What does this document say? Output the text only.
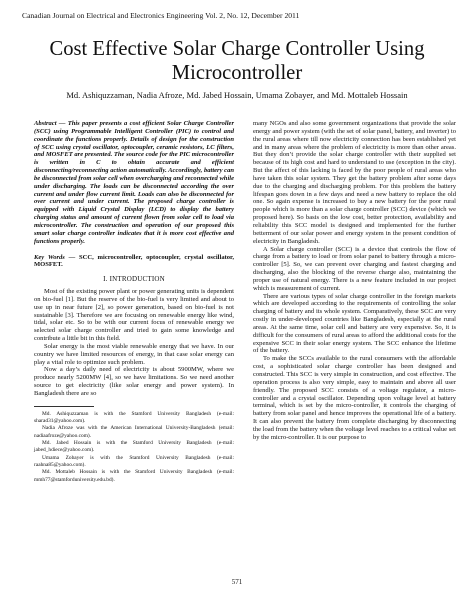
Canadian Journal on Electrical and Electronics Engineering Vol. 2, No. 12, December 2011
Cost Effective Solar Charge Controller Using
Microcontroller
Md. Ashiquzzaman, Nadia Afroze, Md. Jabed Hossain, Umama Zobayer, and Md. Mottaleb Hossain

Abstract — This paper presents a cost efficient Solar Charge Controller (SCC) using Programmable Intelligent Controller (PIC) to control and coordinate the functions properly. Details of design for the construction of SCC using crystal oscillator, optocoupler, ceramic resistors, LC filters, and MOSFET are presented. The source code for the PIC microcontroller is written in C to obtain accurate and efficient disconnecting/reconnecting action automatically. Accordingly, battery can be disconnected from solar cell when overcharging and reconnected while under discharging. The loads can be disconnected according the over current and under flow current limit. Loads can also be disconnected for over current and under current. The proposed charge controller is equipped with Liquid Crystal Display (LCD) to display the battery charging status and amount of current flown from solar cell to load via microcontroller. The construction and operation of our proposed this smart solar charge controller indicates that it is more cost effective and functions properly.

Key Words — SCC, microcontroller, optocoupler, crystal oscillator, MOSFET.

I. INTRODUCTION

Most of the existing power plant or power generating units is dependent on bio-fuel [1]. But the reserve of the bio-fuel is very limited and about to use up in near future [2], so power generation, based on bio-fuel is not sustainable [3]. Therefore we are focusing on renewable energy like wind, tidal, solar etc. So to be with our current focus of renewable energy we selected solar charge controller and tried to gain some knowledge and contribute a little bit in this field.

Solar energy is the most viable renewable energy that we have. In our country we have limited resources of energy, in that case solar energy can play a vital role to optimize such problem.

Now a day’s daily need of electricity is about 5900MW, where we produce nearly 5200MW [4], so we have limitations. So we need another source to get electricity (like solar energy and power system). In Bangladesh there are so

Md. Ashiquzzaman is with the Stamford University Bangladesh (e-mail: sharad31@yahoo.com).

Nadia Afroze was with the American International University-Bangladesh (email: nadiaafroze@yahoo.com).

Md. Jabed Hossain is with the Stamford University Bangladesh (e-mail: jabed_hdiece@yahoo.com).

Umama Zobayer is with the Stamford University Bangladesh (e-mail: raahna85@yahoo.com).

Md. Mottaleb Hossain is with the Stamford University Bangladesh (e-mail: mmh77@stamforduniversity.edu.bd).

many NGOs and also some government organizations that provide the solar energy and power system (with the set of solar panel, battery, and inverter) to the rural areas where till now electricity connection has been established yet and in many areas where the problem of electricity is more than other areas. But they don’t provide the solar charge controller with their supplied set because of its high cost and hard to understand to use (exception in the city). But the affect of this lacking is faced by the poor people of rural areas who have taken this solar system. They get the battery problem after some days due to the charging and discharging problem. For this problem the battery lifespan goes down in a few days and need a new battery to replace the old one. So again expense is increased to buy a new battery for the poor rural people which is more than a solar charge controller (SCC) device (which we proposed here). So basis on the low cost, better protection, availability and reliability this SCC model is designed and implemented for the further betterment of our solar power and energy system in the present condition of electricity in Bangladesh.

A Solar charge controller (SCC) is a device that controls the flow of charge from a battery to load or from solar panel to battery through a micro-controller [5]. So, we can prevent over charging and fastest charging and discharging, also the blocking of the reverse charge also, maintaining the proper use of natural energy. There is a new feature included in our project which is measurement of current.

There are various types of solar charge controller in the foreign markets which are developed according to the requirements of controlling the solar charging of battery and its whole system. Comparatively, these SCC are very costly in under-developed countries like Bangladesh, especially at the rural areas. At the same time, solar cell and battery are very expensive. So, it is difficult for the consumers of rural areas to afford the additional costs for the expensive SCC in their solar energy system. The SCC enhance the lifetime of the battery.

To make the SCCs available to the rural consumers with the affordable cost, a sophisticated solar charge controller has been designed and constructed. This SCC is very simple in construction, and cost effective. The operation process is also very simple, easy to maintain and above all user friendly. The proposed SCC consists of a voltage regulator, a micro-controller and a crystal oscillator. Depending upon voltage level at battery terminal, which is set by the micro-controller, it controls the charging of battery from solar panel and hence improves the operational life of a battery. It can also prevent the battery from complete discharging by disconnecting the load from the battery when the voltage level reaches to a critical value set by the micro-controller. It is our purpose to

571
